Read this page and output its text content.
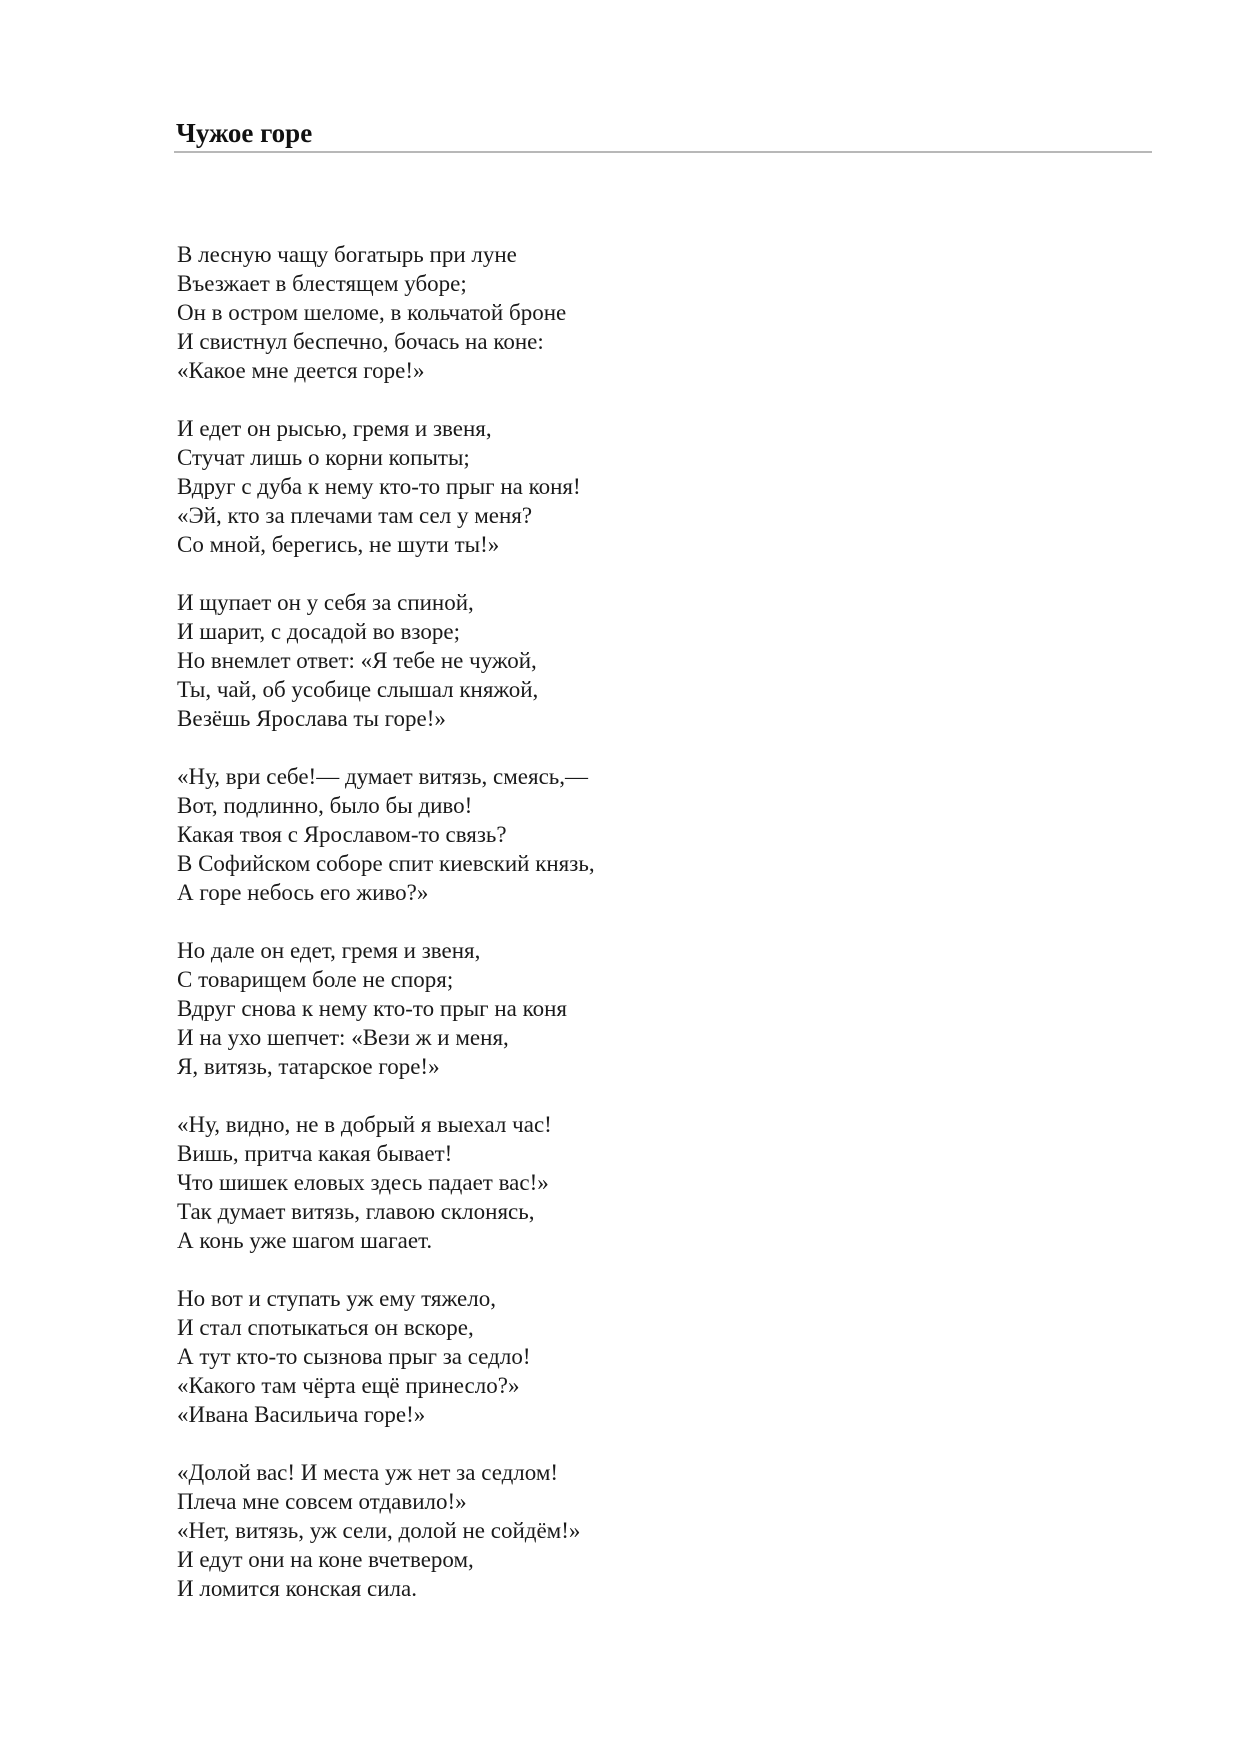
Чужое горе
В лесную чащу богатырь при луне
Въезжает в блестящем уборе;
Он в остром шеломе, в кольчатой броне
И свистнул беспечно, бочась на коне:
«Какое мне деется горе!»
И едет он рысью, гремя и звеня,
Стучат лишь о корни копыты;
Вдруг с дуба к нему кто-то прыг на коня!
«Эй, кто за плечами там сел у меня?
Со мной, берегись, не шути ты!»
И щупает он у себя за спиной,
И шарит, с досадой во взоре;
Но внемлет ответ: «Я тебе не чужой,
Ты, чай, об усобице слышал княжой,
Везёшь Ярослава ты горе!»
«Ну, ври себе!— думает витязь, смеясь,—
Вот, подлинно, было бы диво!
Какая твоя с Ярославом-то связь?
В Софийском соборе спит киевский князь,
А горе небось его живо?»
Но дале он едет, гремя и звеня,
С товарищем боле не споря;
Вдруг снова к нему кто-то прыг на коня
И на ухо шепчет: «Вези ж и меня,
Я, витязь, татарское горе!»
«Ну, видно, не в добрый я выехал час!
Вишь, притча какая бывает!
Что шишек еловых здесь падает вас!»
Так думает витязь, главою склонясь,
А конь уже шагом шагает.
Но вот и ступать уж ему тяжело,
И стал спотыкаться он вскоре,
А тут кто-то сызнова прыг за седло!
«Какого там чёрта ещё принесло?»
«Ивана Васильича горе!»
«Долой вас! И места уж нет за седлом!
Плеча мне совсем отдавило!»
«Нет, витязь, уж сели, долой не сойдём!»
И едут они на коне вчетвером,
И ломится конская сила.
